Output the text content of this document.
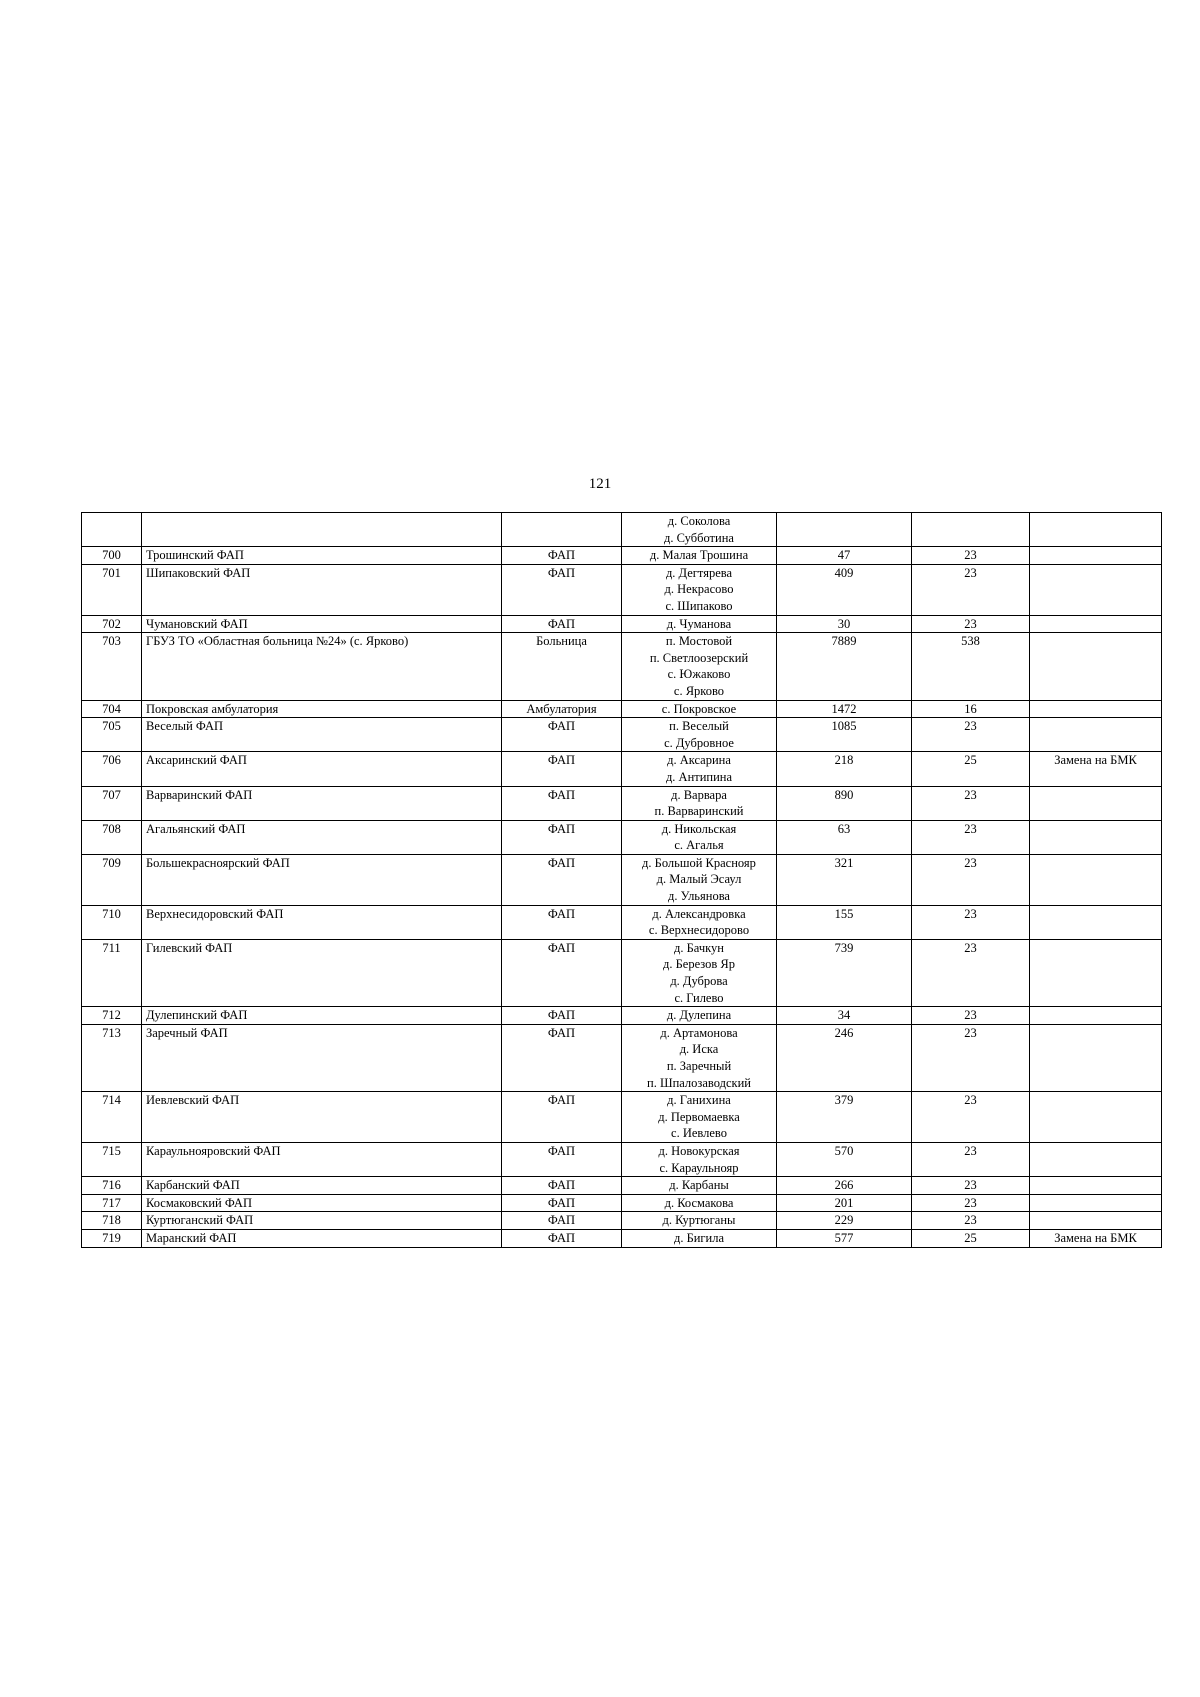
121

			д. Соколова
д. Субботина			

700	Трошинский ФАП	ФАП	д. Малая Трошина	47	23	
701	Шипаковский ФАП	ФАП	д. Дегтярева
д. Некрасово
с. Шипаково	409	23	
702	Чумановский ФАП	ФАП	д. Чуманова	30	23	
703	ГБУЗ ТО «Областная больница №24» (с. Ярково)	Больница	п. Мостовой
п. Светлоозерский
с. Южаково
с. Ярково	7889	538	
704	Покровская амбулатория	Амбулатория	с. Покровское	1472	16	
705	Веселый ФАП	ФАП	п. Веселый
с. Дубровное	1085	23	
706	Аксаринский ФАП	ФАП	д. Аксарина
д. Антипина	218	25	Замена на БМК
707	Варваринский ФАП	ФАП	д. Варвара
п. Варваринский	890	23	
708	Агальянский ФАП	ФАП	д. Никольская
с. Агалья	63	23	
709	Большекрасноярский ФАП	ФАП	д. Большой Краснояр
д. Малый Эсаул
д. Ульянова	321	23	
710	Верхнесидоровский ФАП	ФАП	д. Александровка
с. Верхнесидорово	155	23	
711	Гилевский ФАП	ФАП	д. Бачкун
д. Березов Яр
д. Дуброва
с. Гилево	739	23	
712	Дулепинский ФАП	ФАП	д. Дулепина	34	23	
713	Заречный ФАП	ФАП	д. Артамонова
д. Иска
п. Заречный
п. Шпалозаводский	246	23	
714	Иевлевский ФАП	ФАП	д. Ганихина
д. Первомаевка
с. Иевлево	379	23	
715	Караульнояровский ФАП	ФАП	д. Новокурская
с. Караульнояр	570	23	
716	Карбанский ФАП	ФАП	д. Карбаны	266	23	
717	Космаковский ФАП	ФАП	д. Космакова	201	23	
718	Куртюганский ФАП	ФАП	д. Куртюганы	229	23	
719	Маранский ФАП	ФАП	д. Бигила	577	25	Замена на БМК
